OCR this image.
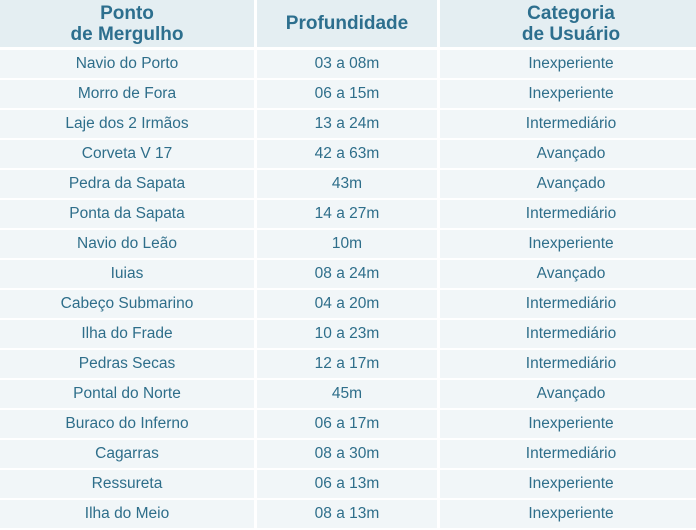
Ponto
de Mergulho	Profundidade	Categoria
de Usuário
Navio do Porto	03 a 08m	Inexperiente
Morro de Fora	06 a 15m	Inexperiente
Laje dos 2 Irmãos	13 a 24m	Intermediário
Corveta V 17	42 a 63m	Avançado
Pedra da Sapata	43m	Avançado
Ponta da Sapata	14 a 27m	Intermediário
Navio do Leão	10m	Inexperiente
Iuias	08 a 24m	Avançado
Cabeço Submarino	04 a 20m	Intermediário
Ilha do Frade	10 a 23m	Intermediário
Pedras Secas	12 a 17m	Intermediário
Pontal do Norte	45m	Avançado
Buraco do Inferno	06 a 17m	Inexperiente
Cagarras	08 a 30m	Intermediário
Ressureta	06 a 13m	Inexperiente
Ilha do Meio	08 a 13m	Inexperiente
